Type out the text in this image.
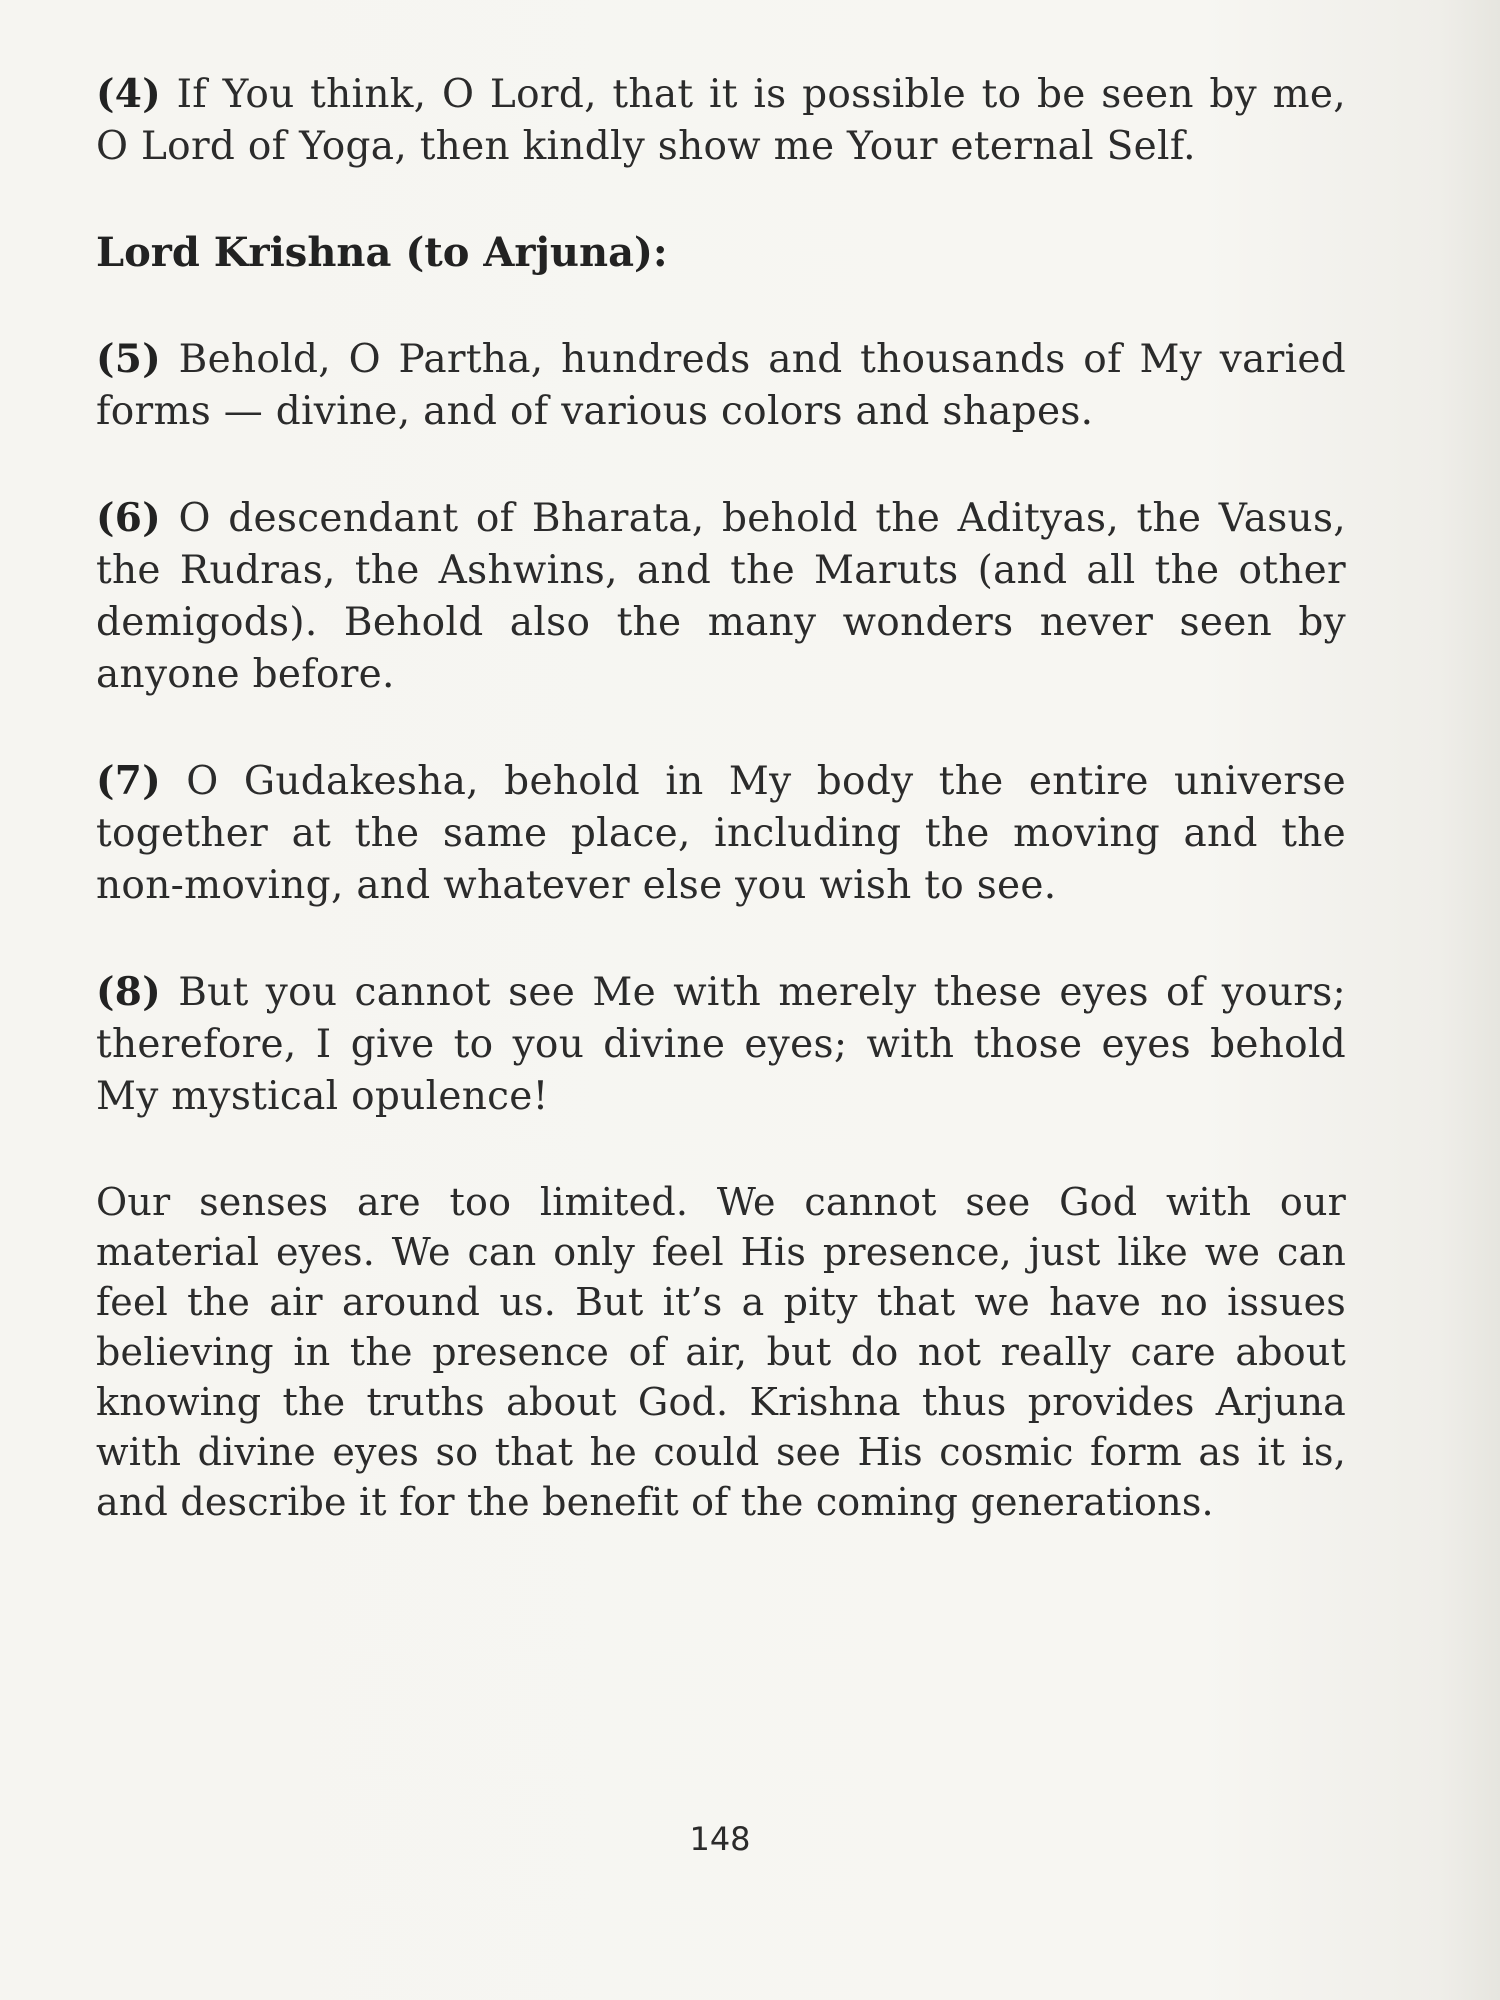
(4) If You think, O Lord, that it is possible to be seen by me, O Lord of Yoga, then kindly show me Your eternal Self.

Lord Krishna (to Arjuna):

(5) Behold, O Partha, hundreds and thousands of My varied forms — divine, and of various colors and shapes.

(6) O descendant of Bharata, behold the Adityas, the Vasus, the Rudras, the Ashwins, and the Maruts (and all the other demigods). Behold also the many wonders never seen by anyone before.

(7) O Gudakesha, behold in My body the entire universe together at the same place, including the moving and the non-moving, and whatever else you wish to see.

(8) But you cannot see Me with merely these eyes of yours; therefore, I give to you divine eyes; with those eyes behold My mystical opulence!

Our senses are too limited. We cannot see God with our material eyes. We can only feel His presence, just like we can feel the air around us. But it’s a pity that we have no issues believing in the presence of air, but do not really care about knowing the truths about God. Krishna thus provides Arjuna with divine eyes so that he could see His cosmic form as it is, and describe it for the benefit of the coming generations.

148
